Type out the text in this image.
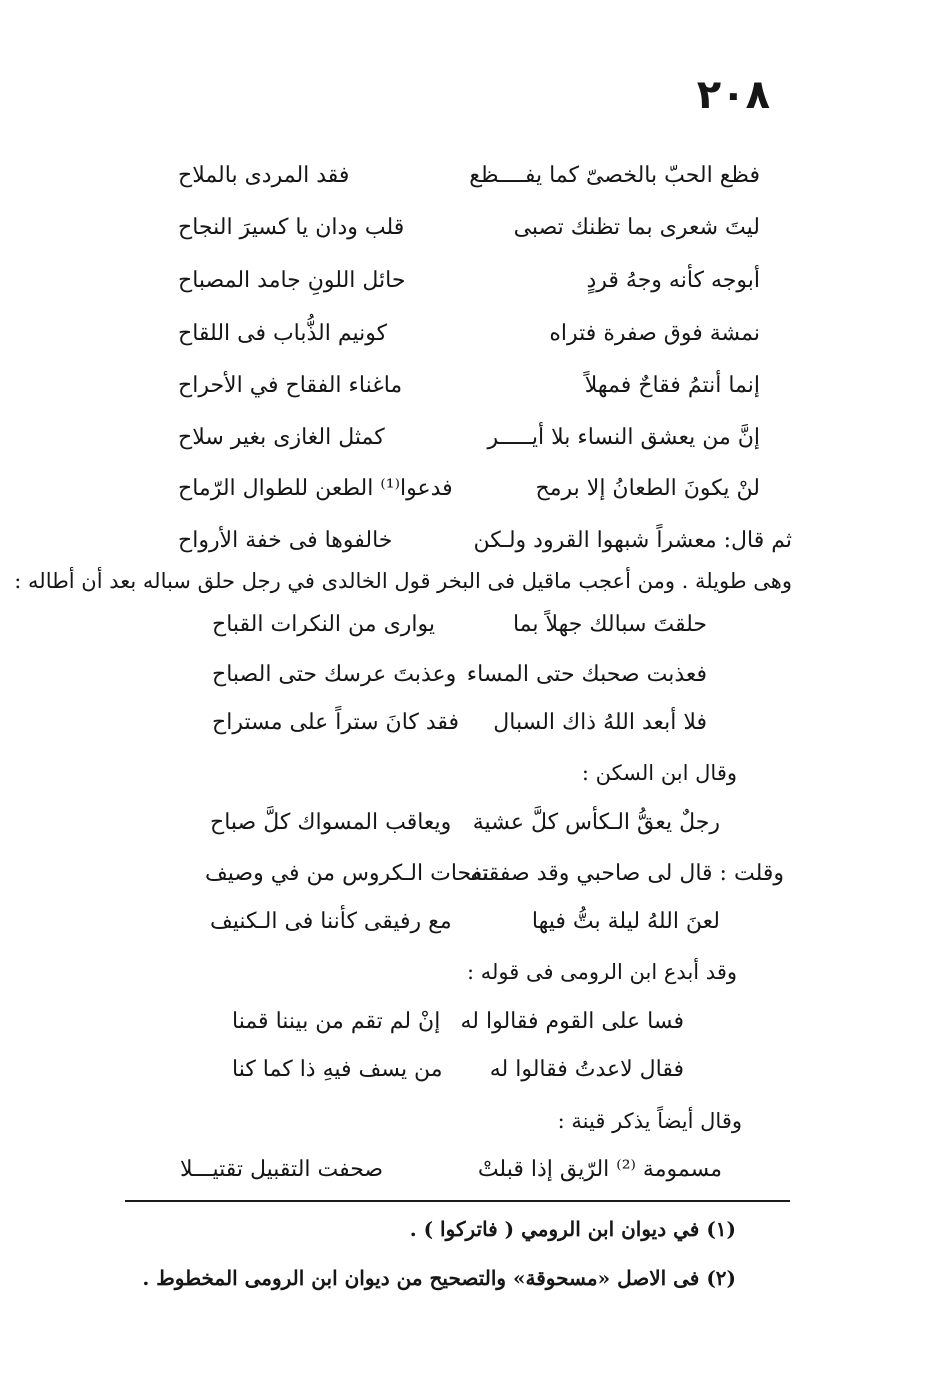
٢٠٨
فظع الحبّ بالخصىّ كما يفــــظع
فقد المردى بالملاح
ليتَ شعرى بما تظنك تصبى
قلب ودان يا كسيرَ النجاح
أبوجه كأنه وجهُ قردٍ
حائل اللونِ جامد المصباح
نمشة فوق صفرة فتراه
كونيم الذُّباب فى اللقاح
إنما أنتمُ فقاحٌ فمهلاً
ماغناء الفقاح في الأحراح
إنَّ من يعشق النساء بلا أيـــــر
كمثل الغازى بغير سلاح
لنْ يكونَ الطعانُ إلا برمح
فدعوا⁽¹⁾ الطعن للطوال الرّماح
ثم قال: معشراً شبهوا القرود ولـكن
خالفوها فى خفة الأرواح
وهى طويلة . ومن أعجب ماقيل فى البخر قول الخالدى في رجل حلق سباله بعد أن أطاله :
حلقتَ سبالك جهلاً بما
يوارى من النكرات القباح
فعذبت صحبك حتى المساء
وعذبتَ عرسك حتى الصباح
فلا أبعد اللهُ ذاك السبال
فقد كانَ ستراً على مستراح
وقال ابن السكن :
رجلٌ يعقُّ الـكأس كلَّ عشية
ويعاقب المسواك كلَّ صباح
وقلت : قال لى صاحبي وقد صفقته
نفحات الـكروس من في وصيف
لعنَ اللهُ ليلة بتُّ فيها
مع رفيقى كأننا فى الـكنيف
وقد أبدع ابن الرومى فى قوله :
فسا على القوم فقالوا له
إنْ لم تقم من بيننا قمنا
فقال لاعدتُ فقالوا له
من يسف فيهِ ذا كما كنا
وقال أيضاً يذكر قينة :
مسمومة ⁽²⁾ الرّيق إذا قبلتْ
صحفت التقبيل تقتيـــلا
(١) في ديوان ابن الرومي ( فاتركوا ) .
(٢) فى الاصل «مسحوقة» والتصحيح من ديوان ابن الرومى المخطوط .
